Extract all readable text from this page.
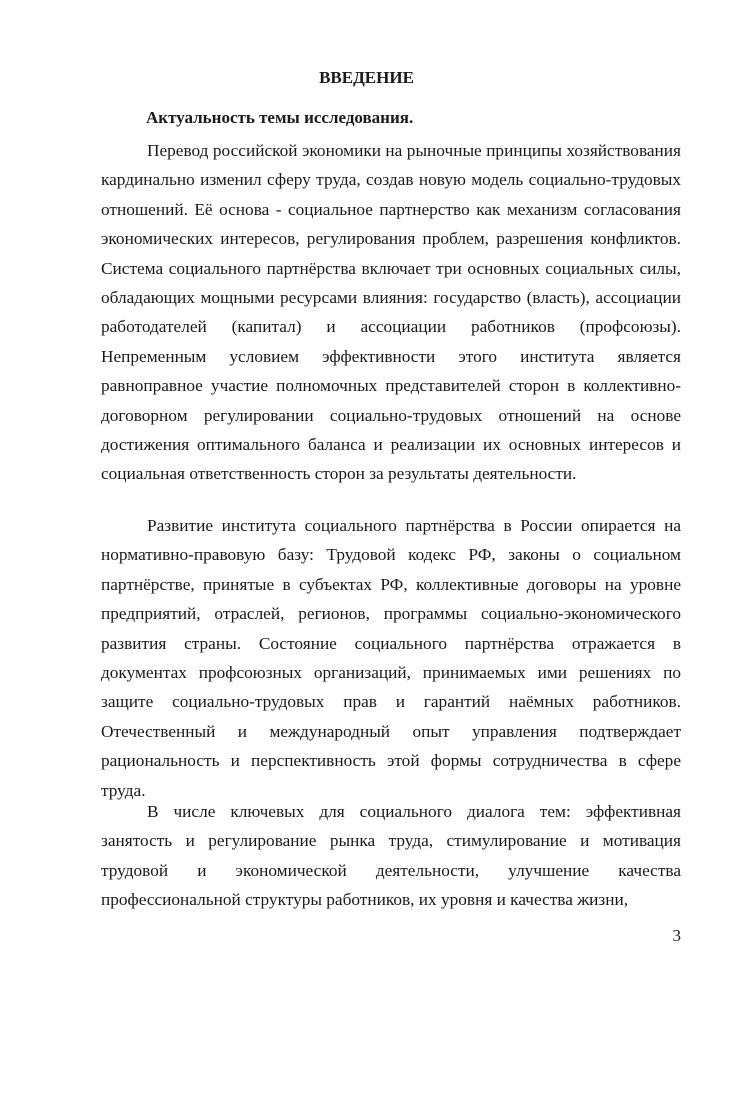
ВВЕДЕНИЕ
Актуальность темы исследования.

Перевод российской экономики на рыночные принципы хозяйствования кардинально изменил сферу труда, создав новую модель социально-трудовых отношений. Её основа - социальное партнерство как механизм согласования экономических интересов, регулирования проблем, разрешения конфликтов. Система социального партнёрства включает три основных социальных силы, обладающих мощными ресурсами влияния: государство (власть), ассоциации работодателей (капитал) и ассоциации работников (профсоюзы). Непременным условием эффективности этого института является равноправное участие полномочных представителей сторон в коллективно-договорном регулировании социально-трудовых отношений на основе достижения оптимального баланса и реализации их основных интересов и социальная ответственность сторон за результаты деятельности.

Развитие института социального партнёрства в России опирается на нормативно-правовую базу: Трудовой кодекс РФ, законы о социальном партнёрстве, принятые в субъектах РФ, коллективные договоры на уровне предприятий, отраслей, регионов, программы социально-экономического развития страны. Состояние социального партнёрства отражается в документах профсоюзных организаций, принимаемых ими решениях по защите социально-трудовых прав и гарантий наёмных работников. Отечественный и международный опыт управления подтверждает рациональность и перспективность этой формы сотрудничества в сфере труда.

В числе ключевых для социального диалога тем: эффективная занятость и регулирование рынка труда, стимулирование и мотивация трудовой и экономической деятельности, улучшение качества профессиональной структуры работников, их уровня и качества жизни,

3
